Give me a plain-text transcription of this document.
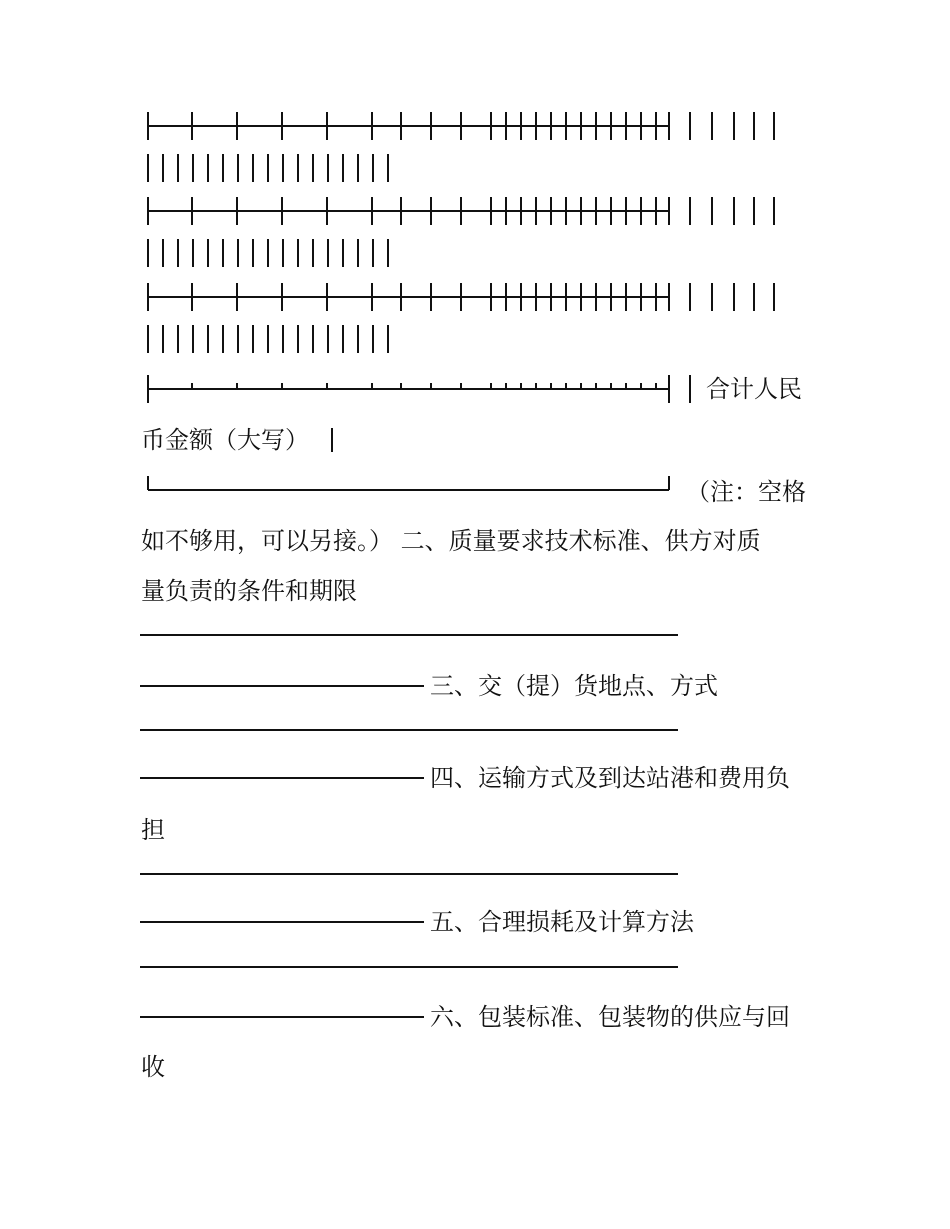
合计人民
币金额（大写）
（注：空格
如不够用，可以另接。） 二、质量要求技术标准、供方对质
量负责的条件和期限
三、交（提）货地点、方式
四、运输方式及到达站港和费用负
担
五、合理损耗及计算方法
六、包装标准、包装物的供应与回
收
